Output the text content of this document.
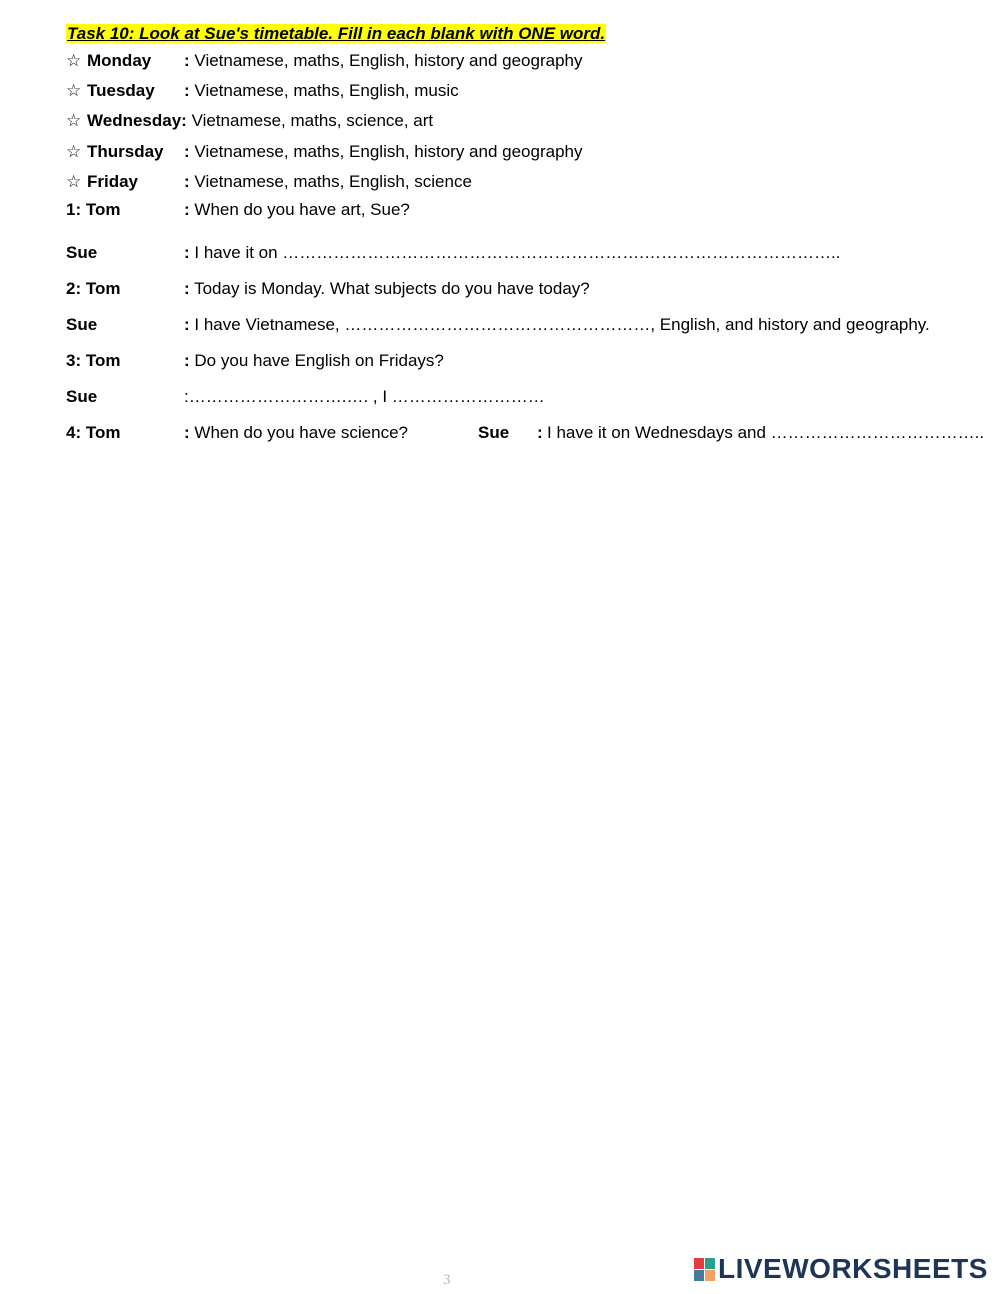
Task 10: Look at Sue's timetable. Fill in each blank with ONE word.
☆ Monday : Vietnamese, maths, English, history and geography
☆ Tuesday : Vietnamese, maths, English, music
☆ Wednesday: Vietnamese, maths, science, art
☆ Thursday : Vietnamese, maths, English, history and geography
☆ Friday	: Vietnamese, maths, English, science
1: Tom	: When do you have art, Sue?
Sue	: I have it on ……………………………………………………….……………………………..
2: Tom	: Today is Monday. What subjects do you have today?
Sue	: I have Vietnamese, ………………………………………………, English, and history and geography.
3: Tom	: Do you have English on Fridays?
Sue	:……………………….…. , I ………………………
4: Tom	: When do you have science?	Sue : I have it on Wednesdays and ………………………………..
3	LIVEWORKSHEETS
